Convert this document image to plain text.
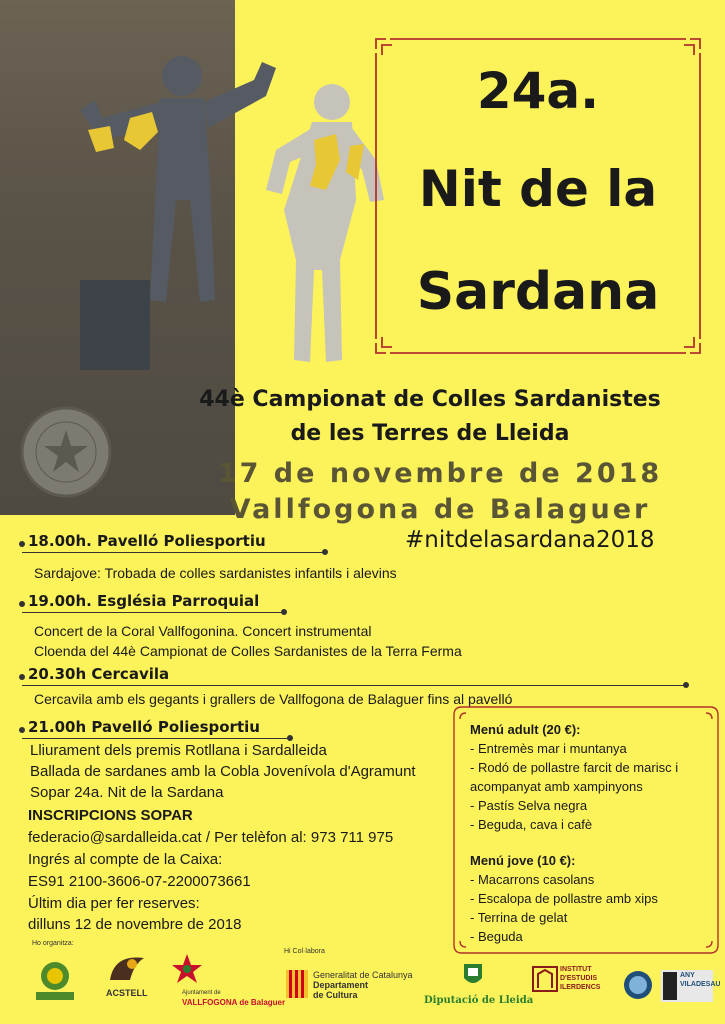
24a.
Nit de la
Sardana
44è Campionat de Colles Sardanistes
de les Terres de Lleida
17 de novembre de 2018
Vallfogona de Balaguer
#nitdelasardana2018
18.00h. Pavelló Poliesportiu
Sardajove: Trobada de colles sardanistes infantils i alevins
19.00h. Església Parroquial
Concert de la Coral Vallfogonina. Concert instrumental
Cloenda del 44è Campionat de Colles Sardanistes de la Terra Ferma
20.30h Cercavila
Cercavila amb els gegants i grallers de Vallfogona de Balaguer fins al pavelló
21.00h Pavelló Poliesportiu
Lliurament dels premis Rotllana i Sardalleida
Ballada de sardanes amb la Cobla Jovenívola d'Agramunt
Sopar 24a. Nit de la Sardana
INSCRIPCIONS SOPAR
federacio@sardalleida.cat / Per telèfon al: 973 711 975
Ingrés al compte de la Caixa:
ES91 2100-3606-07-2200073661
Últim dia per fer reserves:
dilluns 12 de novembre de 2018
Menú adult (20 €):
- Entremès mar i muntanya
- Rodó de pollastre farcit de marisc i
acompanyat amb xampinyons
- Pastís Selva negra
- Beguda, cava i cafè
Menú jove (10 €):
- Macarrons casolans
- Escalopa de pollastre amb xips
- Terrina de gelat
- Beguda
Ho organitza:
Hi Col·labora
ACSTELL	Ajuntament de
VALLFOGONA de Balaguer
Generalitat de Catalunya
Departament
de Cultura	Diputació de Lleida
INSTITUT
D'ESTUDIS
ILERDENCS
ANY
VILADESAU
